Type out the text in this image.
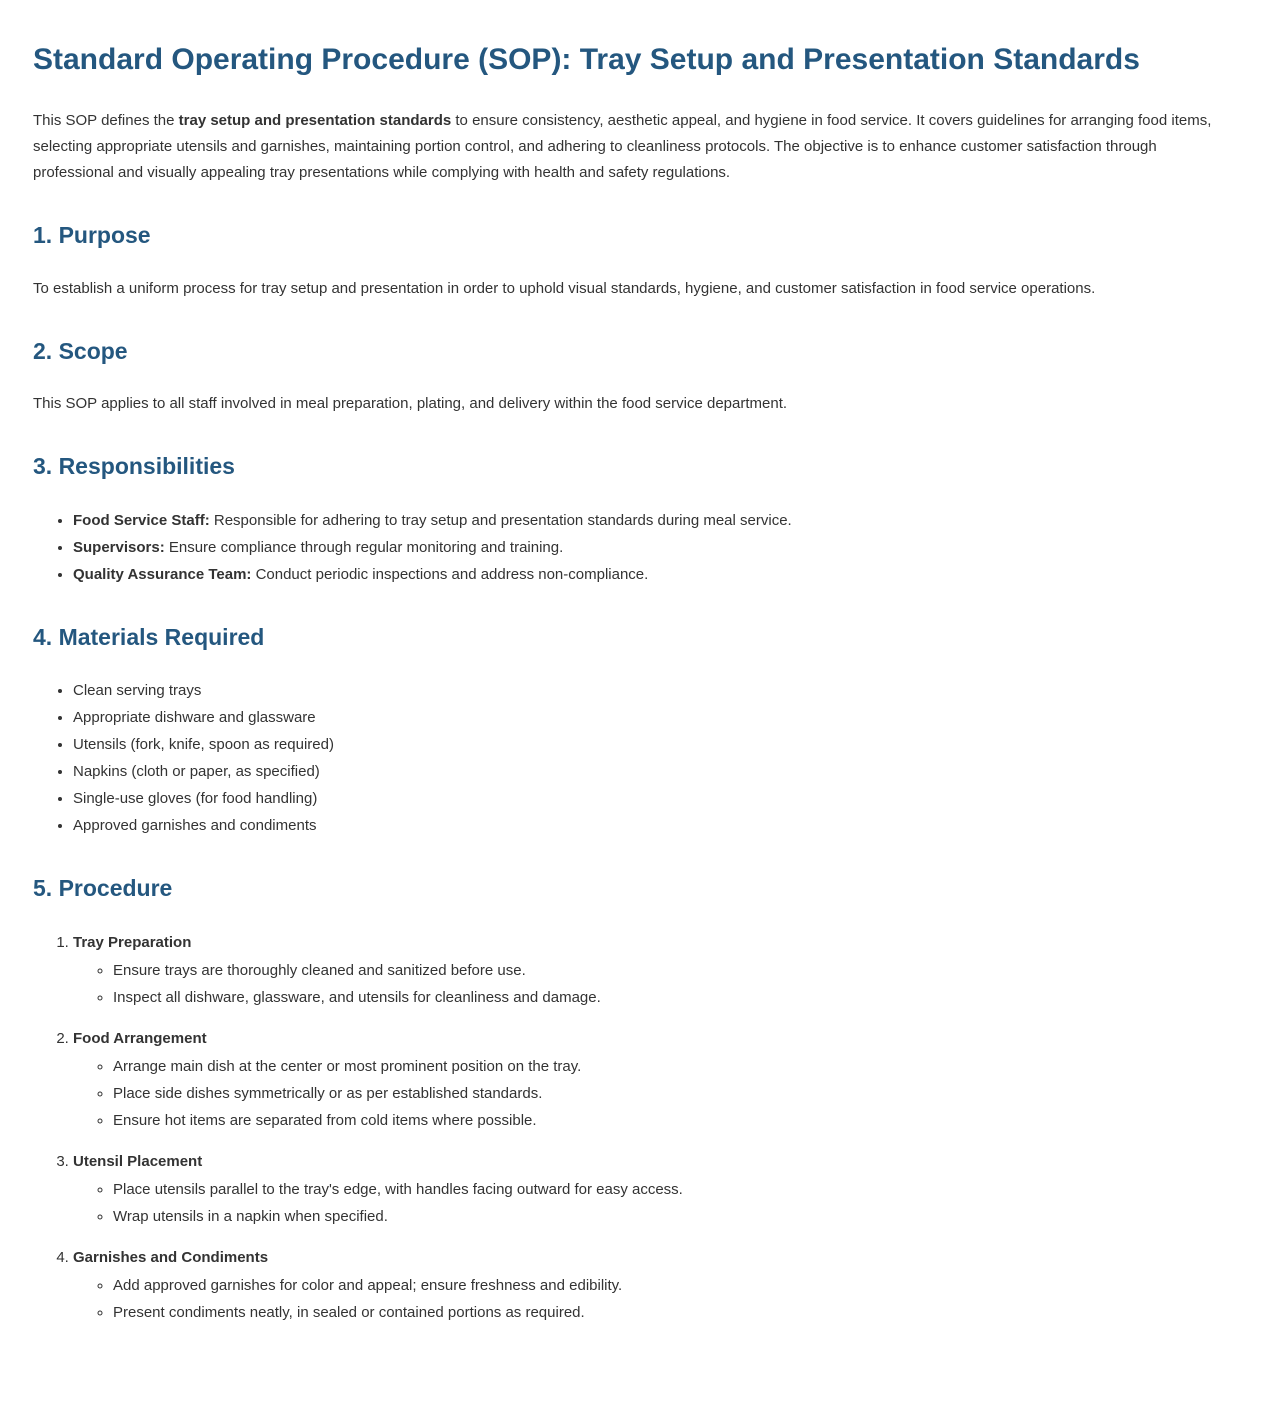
Standard Operating Procedure (SOP): Tray Setup and Presentation Standards

This SOP defines the tray setup and presentation standards to ensure consistency, aesthetic appeal, and hygiene in food service. It covers guidelines for arranging food items, selecting appropriate utensils and garnishes, maintaining portion control, and adhering to cleanliness protocols. The objective is to enhance customer satisfaction through professional and visually appealing tray presentations while complying with health and safety regulations.

1. Purpose

To establish a uniform process for tray setup and presentation in order to uphold visual standards, hygiene, and customer satisfaction in food service operations.

2. Scope

This SOP applies to all staff involved in meal preparation, plating, and delivery within the food service department.

3. Responsibilities
• Food Service Staff: Responsible for adhering to tray setup and presentation standards during meal service.
• Supervisors: Ensure compliance through regular monitoring and training.
• Quality Assurance Team: Conduct periodic inspections and address non-compliance.
4. Materials Required
• Clean serving trays
• Appropriate dishware and glassware
• Utensils (fork, knife, spoon as required)
• Napkins (cloth or paper, as specified)
• Single-use gloves (for food handling)
• Approved garnishes and condiments
5. Procedure
1. Tray Preparation
◦ Ensure trays are thoroughly cleaned and sanitized before use.
◦ Inspect all dishware, glassware, and utensils for cleanliness and damage.
2. Food Arrangement
◦ Arrange main dish at the center or most prominent position on the tray.
◦ Place side dishes symmetrically or as per established standards.
◦ Ensure hot items are separated from cold items where possible.
3. Utensil Placement
◦ Place utensils parallel to the tray's edge, with handles facing outward for easy access.
◦ Wrap utensils in a napkin when specified.
4. Garnishes and Condiments
◦ Add approved garnishes for color and appeal; ensure freshness and edibility.
◦ Present condiments neatly, in sealed or contained portions as required.
